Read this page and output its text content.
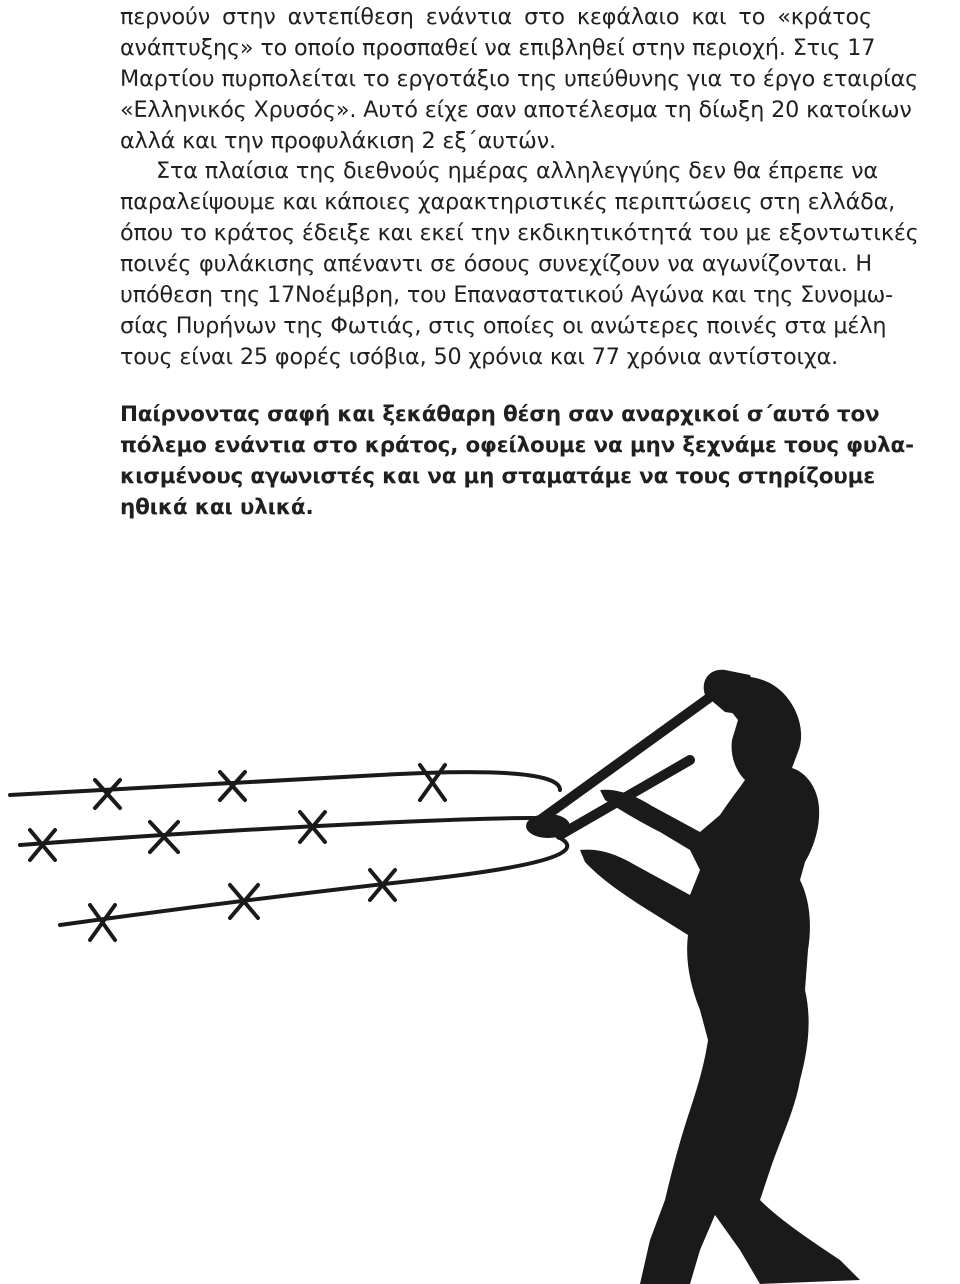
περνούν στην αντεπίθεση ενάντια στο κεφάλαιο και το «κράτος
ανάπτυξης» το οποίο προσπαθεί να επιβληθεί στην περιοχή. Στις 17
Μαρτίου πυρπολείται το εργοτάξιο της υπεύθυνης για το έργο εταιρίας
«Ελληνικός Χρυσός». Αυτό είχε σαν αποτέλεσμα τη δίωξη 20 κατοίκων
αλλά και την προφυλάκιση 2 εξ΄αυτών.
Στα πλαίσια της διεθνούς ημέρας αλληλεγγύης δεν θα έπρεπε να
παραλείψουμε και κάποιες χαρακτηριστικές περιπτώσεις στη ελλάδα,
όπου το κράτος έδειξε και εκεί την εκδικητικότητά του με εξοντωτικές
ποινές φυλάκισης απέναντι σε όσους συνεχίζουν να αγωνίζονται. Η
υπόθεση της 17Νοέμβρη, του Επαναστατικού Αγώνα και της Συνομω-
σίας Πυρήνων της Φωτιάς, στις οποίες οι ανώτερες ποινές στα μέλη
τους είναι 25 φορές ισόβια, 50 χρόνια και 77 χρόνια αντίστοιχα.
Παίρνοντας σαφή και ξεκάθαρη θέση σαν αναρχικοί σ΄αυτό τον
πόλεμο ενάντια στο κράτος, οφείλουμε να μην ξεχνάμε τους φυλα-
κισμένους αγωνιστές και να μη σταματάμε να τους στηρίζουμε
ηθικά και υλικά.
